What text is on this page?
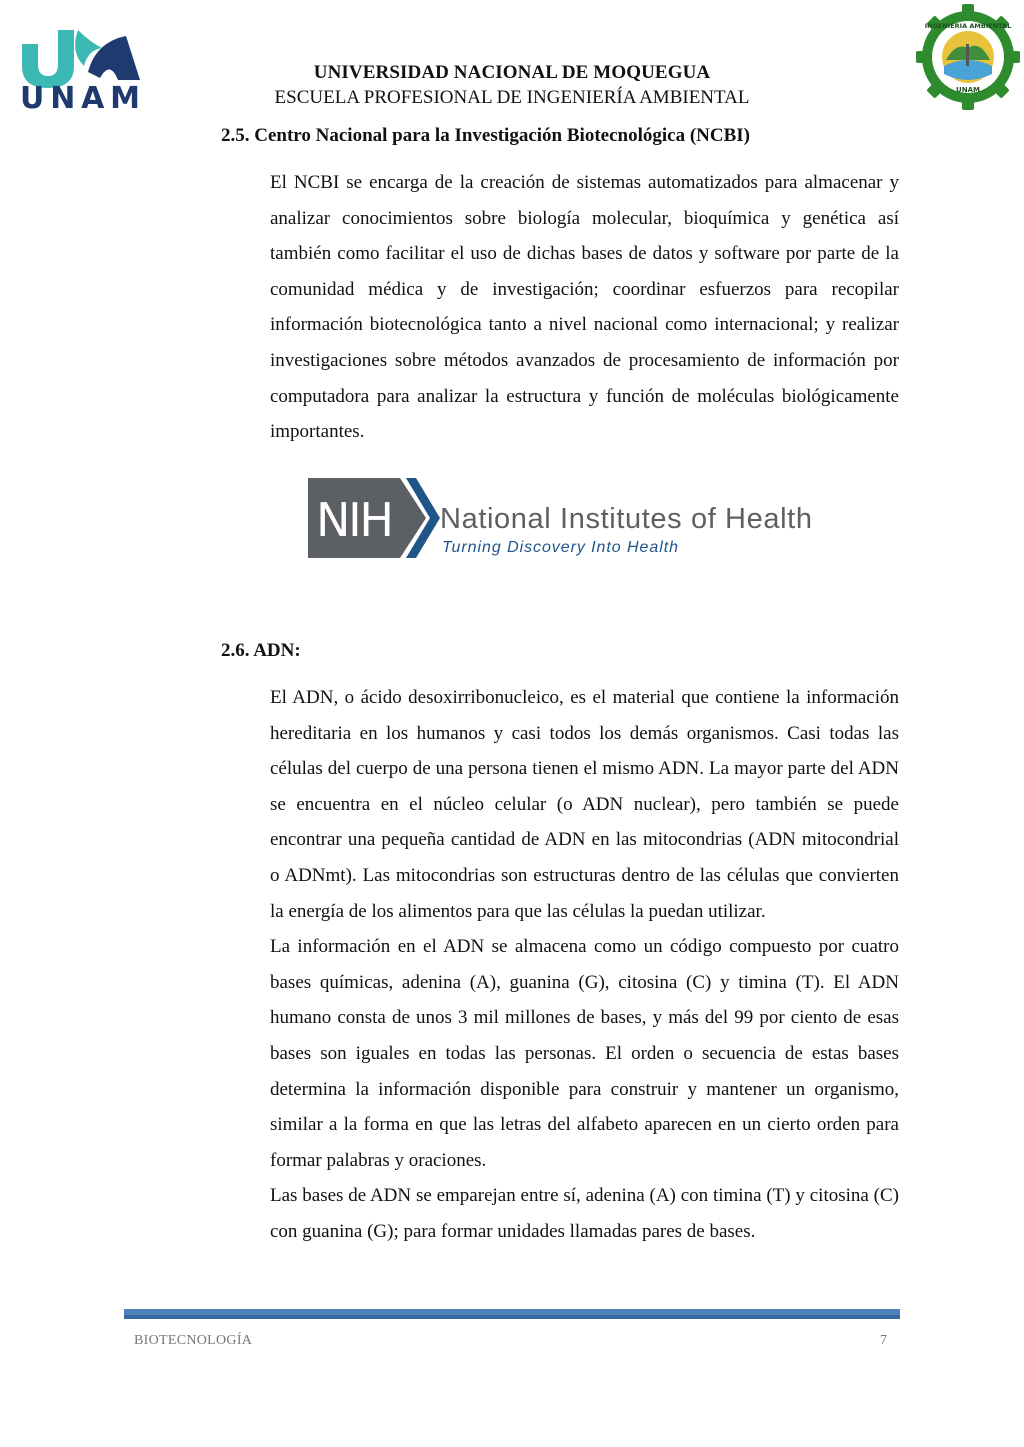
UNAM
INGENIERIA AMBIENTAL
UNAM
UNIVERSIDAD NACIONAL DE MOQUEGUA
ESCUELA PROFESIONAL DE INGENIERÍA AMBIENTAL
2.5. Centro Nacional para la Investigación Biotecnológica (NCBI)

El NCBI se encarga de la creación de sistemas automatizados para almacenar y analizar conocimientos sobre biología molecular, bioquímica y genética así también como facilitar el uso de dichas bases de datos y software por parte de la comunidad médica y de investigación; coordinar esfuerzos para recopilar información biotecnológica tanto a nivel nacional como internacional; y realizar investigaciones sobre métodos avanzados de procesamiento de información por computadora para analizar la estructura y función de moléculas biológicamente importantes.

NIH National Institutes of Health
Turning Discovery Into Health
2.6. ADN:

El ADN, o ácido desoxirribonucleico, es el material que contiene la información hereditaria en los humanos y casi todos los demás organismos. Casi todas las células del cuerpo de una persona tienen el mismo ADN. La mayor parte del ADN se encuentra en el núcleo celular (o ADN nuclear), pero también se puede encontrar una pequeña cantidad de ADN en las mitocondrias (ADN mitocondrial o ADNmt). Las mitocondrias son estructuras dentro de las células que convierten la energía de los alimentos para que las células la puedan utilizar.

La información en el ADN se almacena como un código compuesto por cuatro bases químicas, adenina (A), guanina (G), citosina (C) y timina (T). El ADN humano consta de unos 3 mil millones de bases, y más del 99 por ciento de esas bases son iguales en todas las personas. El orden o secuencia de estas bases determina la información disponible para construir y mantener un organismo, similar a la forma en que las letras del alfabeto aparecen en un cierto orden para formar palabras y oraciones.

Las bases de ADN se emparejan entre sí, adenina (A) con timina (T) y citosina (C) con guanina (G); para formar unidades llamadas pares de bases.

BIOTECNOLOGÍA	7
